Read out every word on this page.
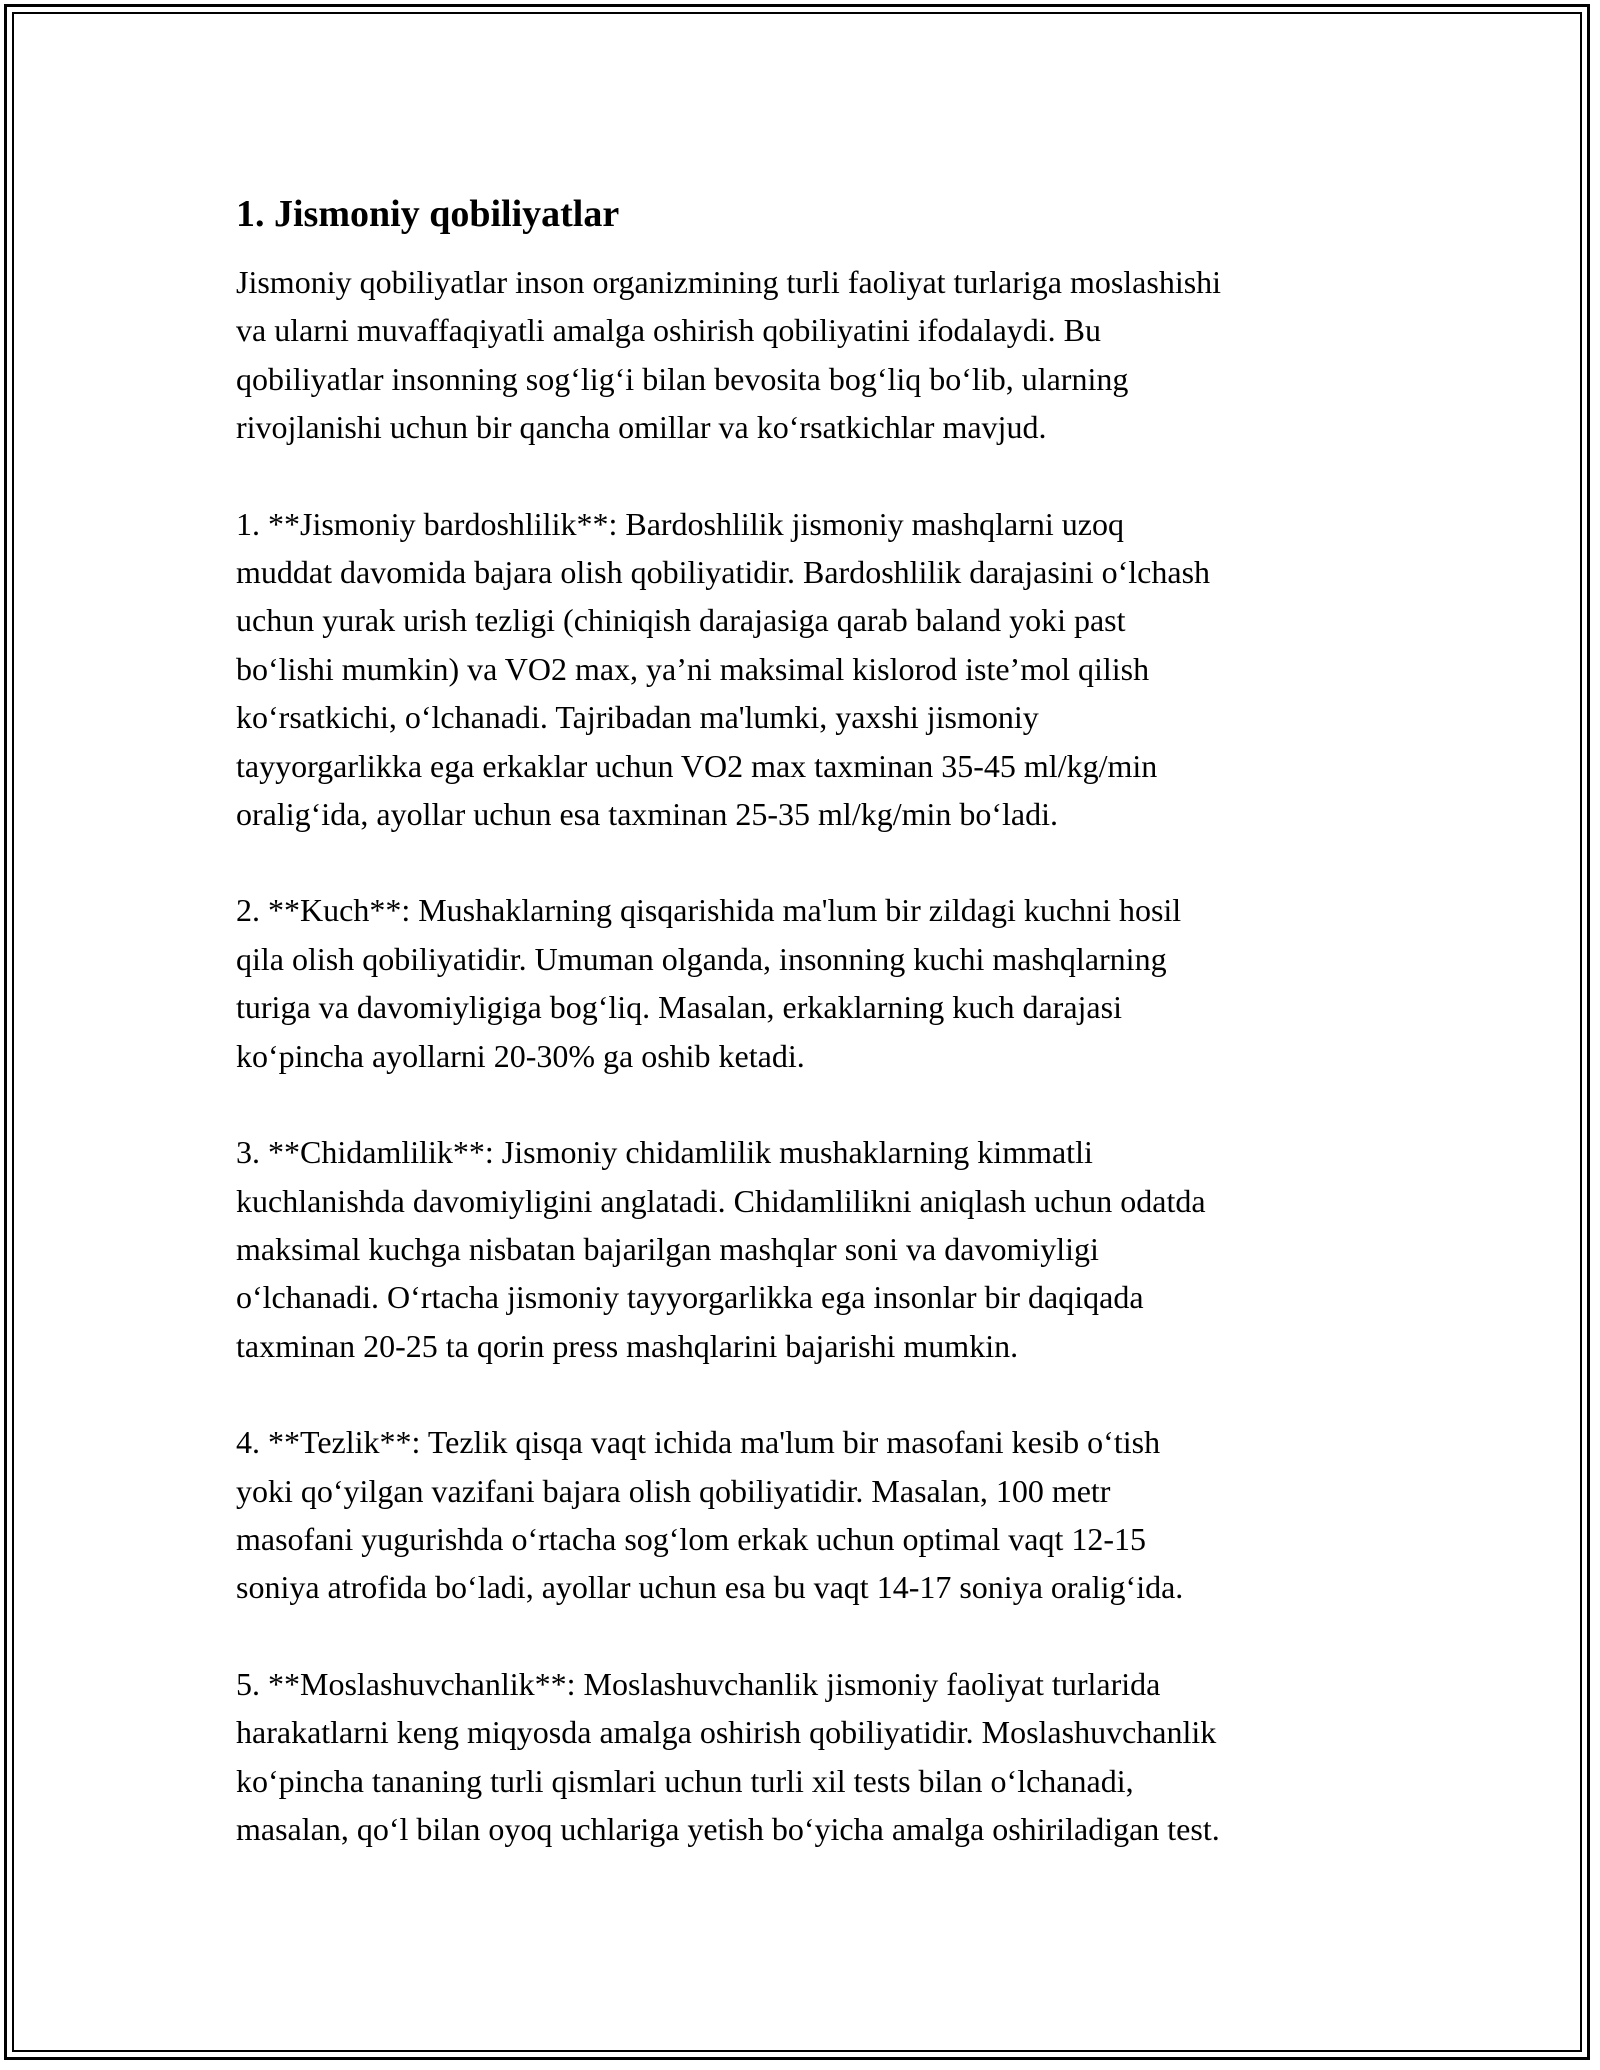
1. Jismoniy qobiliyatlar
Jismoniy qobiliyatlar inson organizmining turli faoliyat turlariga moslashishi
va ularni muvaffaqiyatli amalga oshirish qobiliyatini ifodalaydi. Bu
qobiliyatlar insonning sog‘lig‘i bilan bevosita bog‘liq bo‘lib, ularning
rivojlanishi uchun bir qancha omillar va ko‘rsatkichlar mavjud.
1. **Jismoniy bardoshlilik**: Bardoshlilik jismoniy mashqlarni uzoq
muddat davomida bajara olish qobiliyatidir. Bardoshlilik darajasini o‘lchash
uchun yurak urish tezligi (chiniqish darajasiga qarab baland yoki past
bo‘lishi mumkin) va VO2 max, ya’ni maksimal kislorod iste’mol qilish
ko‘rsatkichi, o‘lchanadi. Tajribadan ma'lumki, yaxshi jismoniy
tayyorgarlikka ega erkaklar uchun VO2 max taxminan 35-45 ml/kg/min
oralig‘ida, ayollar uchun esa taxminan 25-35 ml/kg/min bo‘ladi.
2. **Kuch**: Mushaklarning qisqarishida ma'lum bir zildagi kuchni hosil
qila olish qobiliyatidir. Umuman olganda, insonning kuchi mashqlarning
turiga va davomiyligiga bog‘liq. Masalan, erkaklarning kuch darajasi
ko‘pincha ayollarni 20-30% ga oshib ketadi.
3. **Chidamlilik**: Jismoniy chidamlilik mushaklarning kimmatli
kuchlanishda davomiyligini anglatadi. Chidamlilikni aniqlash uchun odatda
maksimal kuchga nisbatan bajarilgan mashqlar soni va davomiyligi
o‘lchanadi. O‘rtacha jismoniy tayyorgarlikka ega insonlar bir daqiqada
taxminan 20-25 ta qorin press mashqlarini bajarishi mumkin.
4. **Tezlik**: Tezlik qisqa vaqt ichida ma'lum bir masofani kesib o‘tish
yoki qo‘yilgan vazifani bajara olish qobiliyatidir. Masalan, 100 metr
masofani yugurishda o‘rtacha sog‘lom erkak uchun optimal vaqt 12-15
soniya atrofida bo‘ladi, ayollar uchun esa bu vaqt 14-17 soniya oralig‘ida.
5. **Moslashuvchanlik**: Moslashuvchanlik jismoniy faoliyat turlarida
harakatlarni keng miqyosda amalga oshirish qobiliyatidir. Moslashuvchanlik
ko‘pincha tananing turli qismlari uchun turli xil tests bilan o‘lchanadi,
masalan, qo‘l bilan oyoq uchlariga yetish bo‘yicha amalga oshiriladigan test.
